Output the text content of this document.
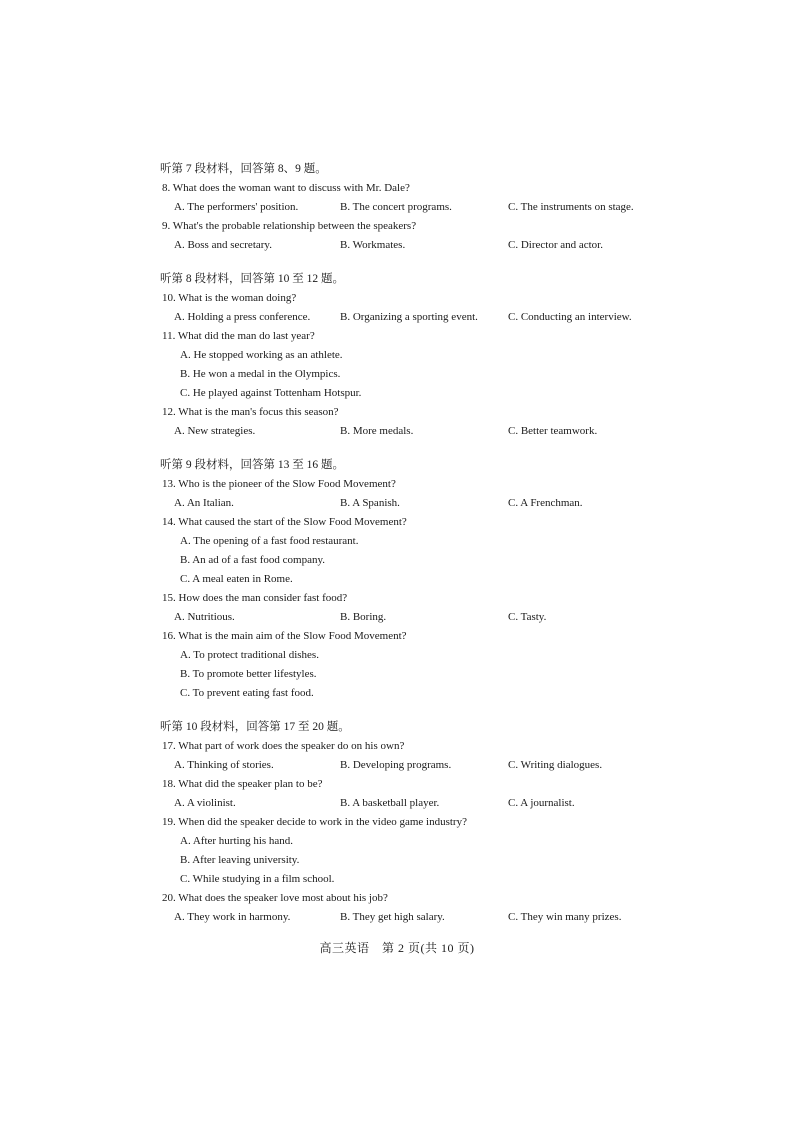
听第 7 段材料，回答第 8、9 题。
8. What does the woman want to discuss with Mr. Dale?
A. The performers' position.	B. The concert programs.	C. The instruments on stage.
9. What's the probable relationship between the speakers?
A. Boss and secretary.	B. Workmates.	C. Director and actor.
听第 8 段材料，回答第 10 至 12 题。
10. What is the woman doing?
A. Holding a press conference.	B. Organizing a sporting event.	C. Conducting an interview.
11. What did the man do last year?
A. He stopped working as an athlete.
B. He won a medal in the Olympics.
C. He played against Tottenham Hotspur.
12. What is the man's focus this season?
A. New strategies.	B. More medals.	C. Better teamwork.
听第 9 段材料，回答第 13 至 16 题。
13. Who is the pioneer of the Slow Food Movement?
A. An Italian.	B. A Spanish.	C. A Frenchman.
14. What caused the start of the Slow Food Movement?
A. The opening of a fast food restaurant.
B. An ad of a fast food company.
C. A meal eaten in Rome.
15. How does the man consider fast food?
A. Nutritious.	B. Boring.	C. Tasty.
16. What is the main aim of the Slow Food Movement?
A. To protect traditional dishes.
B. To promote better lifestyles.
C. To prevent eating fast food.
听第 10 段材料，回答第 17 至 20 题。
17. What part of work does the speaker do on his own?
A. Thinking of stories.	B. Developing programs.	C. Writing dialogues.
18. What did the speaker plan to be?
A. A violinist.	B. A basketball player.	C. A journalist.
19. When did the speaker decide to work in the video game industry?
A. After hurting his hand.
B. After leaving university.
C. While studying in a film school.
20. What does the speaker love most about his job?
A. They work in harmony.	B. They get high salary.	C. They win many prizes.
高三英语　第 2 页(共 10 页)
